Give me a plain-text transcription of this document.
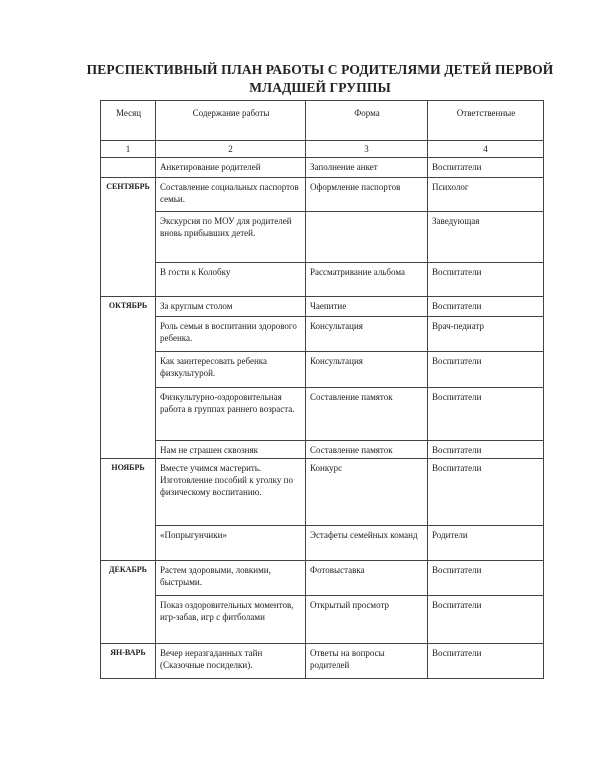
ПЕРСПЕКТИВНЫЙ ПЛАН РАБОТЫ С РОДИТЕЛЯМИ ДЕТЕЙ ПЕРВОЙ
МЛАДШЕЙ ГРУППЫ
Месяц	Содержание работы	Форма	Ответственные
1	2	3	4
	Анкетирование родителей	Заполнение анкет	Воспитатели
СЕНТЯБРЬ	Составление социальных паспортов семьи.	Оформление паспортов	Психолог
	Экскурсия по МОУ для родителей вновь прибывших детей.		Заведующая
	В гости к Колобку	Рассматривание альбома	Воспитатели
ОКТЯБРЬ	За круглым столом	Чаепитие	Воспитатели
	Роль семьи в воспитании здорового ребенка.	Консультация	Врач-педиатр
	Как заинтересовать ребенка физкультурой.	Консультация	Воспитатели
	Физкультурно-оздоровительная работа в группах раннего возраста.	Составление памяток	Воспитатели
	Нам не страшен сквозняк	Составление памяток	Воспитатели
НОЯБРЬ	Вместе учимся мастерить. Изготовление пособий к уголку по физическому воспитанию.	Конкурс	Воспитатели
	«Попрыгунчики»	Эстафеты семейных команд	Родители
ДЕКАБРЬ	Растем здоровыми, ловкими, быстрыми.	Фотовыставка	Воспитатели
	Показ оздоровительных моментов, игр-забав, игр с фитболами	Открытый просмотр	Воспитатели
ЯН-ВАРЬ	Вечер неразгаданных тайн (Сказочные посиделки).	Ответы на вопросы родителей	Воспитатели
